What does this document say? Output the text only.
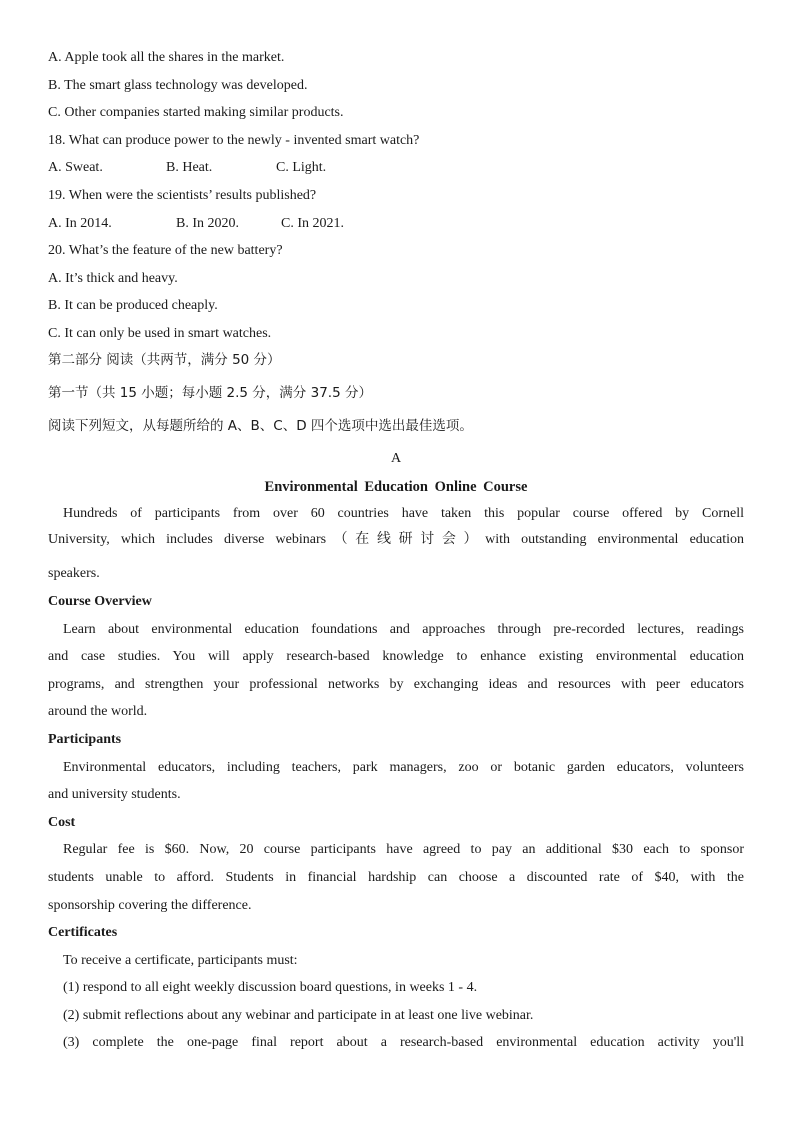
A. Apple took all the shares in the market.
B. The smart glass technology was developed.
C. Other companies started making similar products.
18. What can produce power to the newly - invented smart watch?
A. Sweat.	B. Heat.	C. Light.
19. When were the scientists’ results published?
A. In 2014.	B. In 2020.	C. In 2021.
20. What’s the feature of the new battery?
A. It’s thick and heavy.
B. It can be produced cheaply.
C. It can only be used in smart watches.
第二部分 阅读（共两节，满分 50 分）
第一节（共 15 小题；每小题 2.5 分，满分 37.5 分）
阅读下列短文，从每题所给的 A、B、C、D 四个选项中选出最佳选项。
A
Environmental Education Online Course
Hundreds of participants from over 60 countries have taken this popular course offered by Cornell
University, which includes diverse webinars（在线研讨会）with outstanding environmental education
speakers.
Course Overview
Learn about environmental education foundations and approaches through pre-recorded lectures, readings
and case studies. You will apply research-based knowledge to enhance existing environmental education
programs, and strengthen your professional networks by exchanging ideas and resources with peer educators
around the world.
Participants
Environmental educators, including teachers, park managers, zoo or botanic garden educators, volunteers
and university students.
Cost
Regular fee is $60. Now, 20 course participants have agreed to pay an additional $30 each to sponsor
students unable to afford. Students in financial hardship can choose a discounted rate of $40, with the
sponsorship covering the difference.
Certificates
To receive a certificate, participants must:
(1) respond to all eight weekly discussion board questions, in weeks 1 - 4.
(2) submit reflections about any webinar and participate in at least one live webinar.
(3) complete the one-page final report about a research-based environmental education activity you'll
